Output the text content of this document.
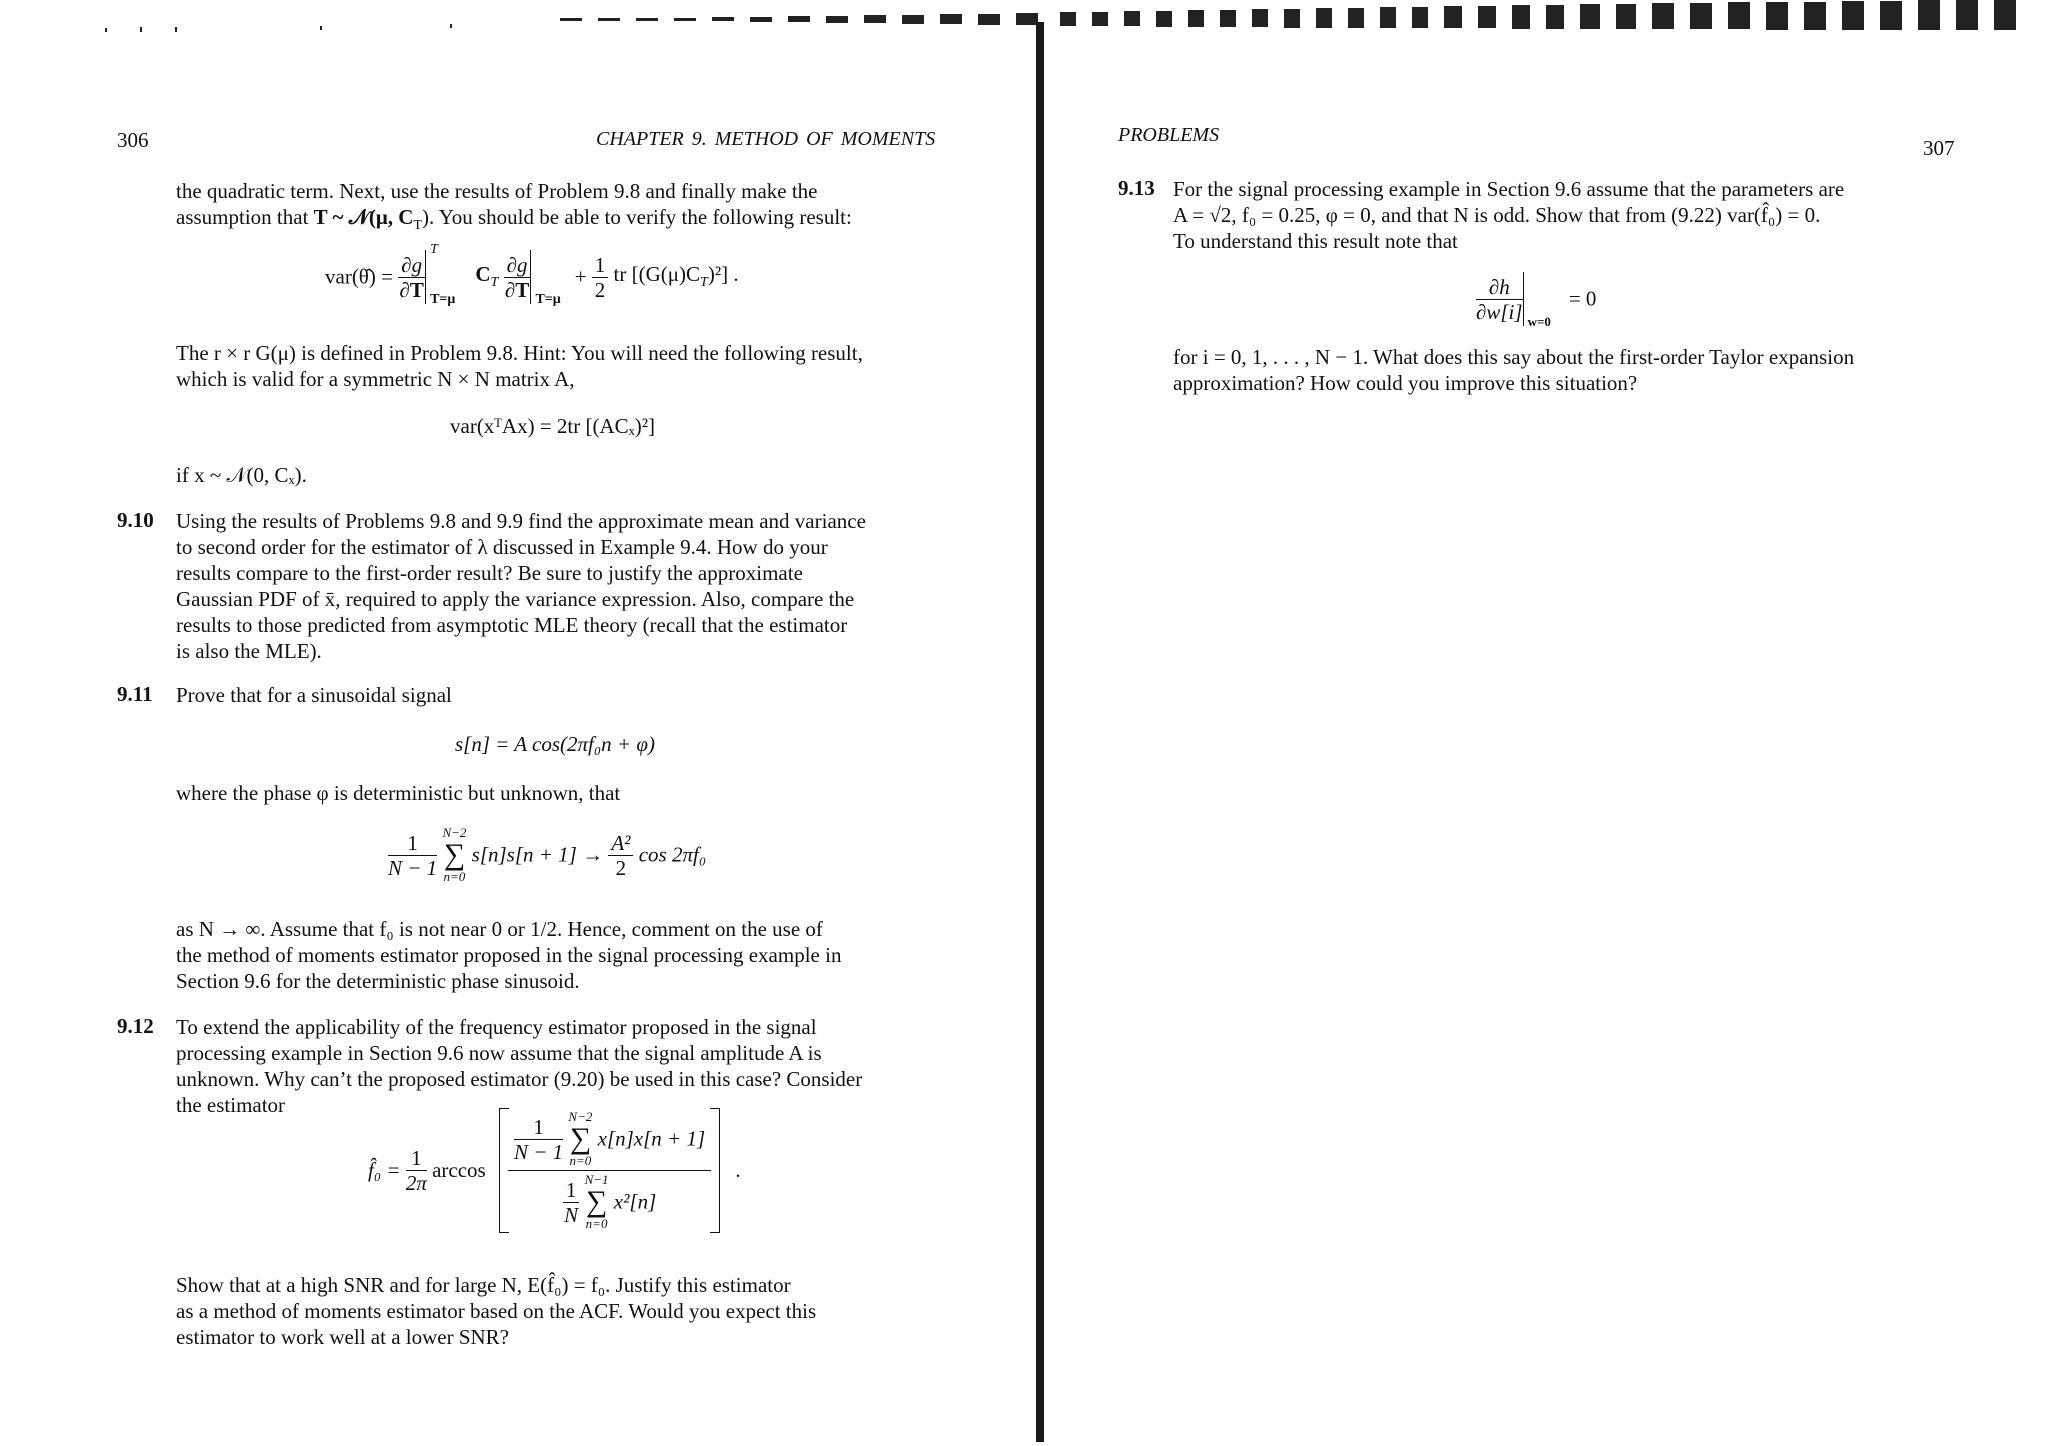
306	CHAPTER 9. METHOD OF MOMENTS
the quadratic term. Next, use the results of Problem 9.8 and finally make the
assumption that T ~ 𝒩(μ, $C_T$). You should be able to verify the following result:
var(θ̂) = $\frac{\partial g}{\partial T}$
T
T=μ
$C_T \frac{\partial g}{\partial T} T=\mu$
+ $\frac{1}{2}$ tr $[(G(\mu)C_T)^2]$ .
The r × r G(μ) is defined in Problem 9.8. Hint: You will need the following result,
which is valid for a symmetric N × N matrix A,
var(xᵀAx) = 2tr [(ACₓ)²]
if x ~ 𝒩(0, Cₓ).
9.10 Using the results of Problems 9.8 and 9.9 find the approximate mean and variance
to second order for the estimator of λ discussed in Example 9.4. How do your
results compare to the first-order result? Be sure to justify the approximate
Gaussian PDF of x̄, required to apply the variance expression. Also, compare the
results to those predicted from asymptotic MLE theory (recall that the estimator
is also the MLE).
9.11 Prove that for a sinusoidal signal
s[n] = A cos(2πf₀n + φ)
where the phase φ is deterministic but unknown, that
$\frac{1}{N - 1} N-2$
∑
n=0 $s[n]s[n + 1] \to \frac{\text{A²}}{2}$ cos 2πf₀
as N → ∞. Assume that f₀ is not near 0 or 1/2. Hence, comment on the use of
the method of moments estimator proposed in the signal processing example in
Section 9.6 for the deterministic phase sinusoid.
9.12 To extend the applicability of the frequency estimator proposed in the signal
processing example in Section 9.6 now assume that the signal amplitude A is
unknown. Why can’t the proposed estimator (9.20) be used in this case? Consider
the estimator
f̂₀ = $\frac{1}{2\pi}$ arccos
$\frac{1}{N - 1} N-2$
∑
n=0 x[n]x[n + 1]
$\frac{1}{N} N-1$
∑
n=0 x²[n]
.
Show that at a high SNR and for large N, E(f̂₀) = f₀. Justify this estimator
as a method of moments estimator based on the ACF. Would you expect this
estimator to work well at a lower SNR?
PROBLEMS
307
9.13 For the signal processing example in Section 9.6 assume that the parameters are
A = √2, f₀ = 0.25, φ = 0, and that N is odd. Show that from (9.22) var(f̂₀) = 0.
To understand this result note that
$\frac{\partial h}{\partial w[i]} w=0$
= 0
for i = 0, 1, . . . , N − 1. What does this say about the first-order Taylor expansion
approximation? How could you improve this situation?
